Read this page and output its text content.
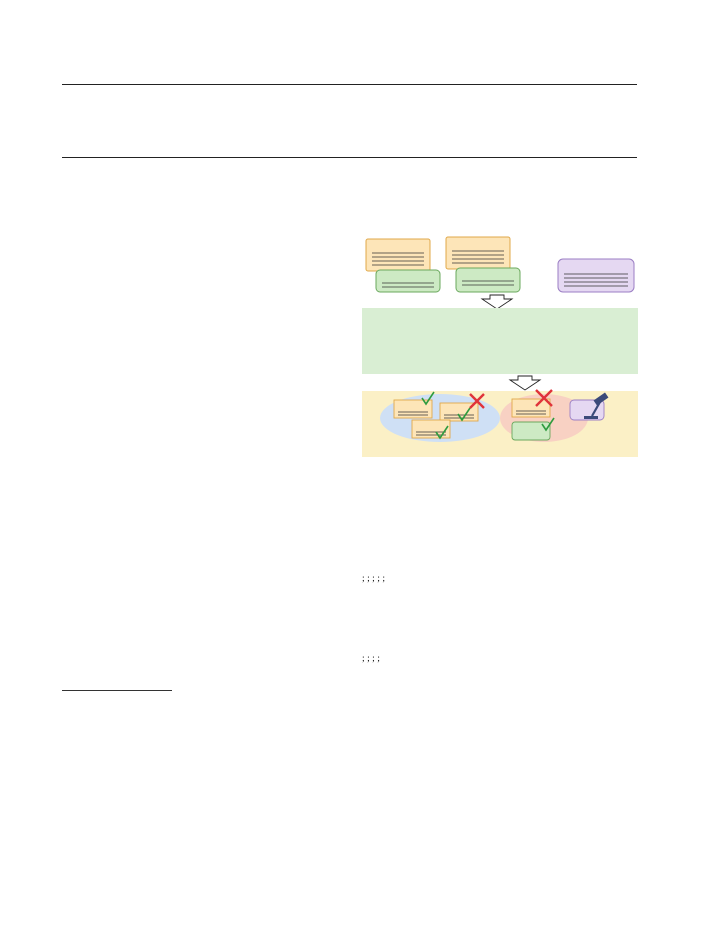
; ; ; ; ;

; ; ; ;
